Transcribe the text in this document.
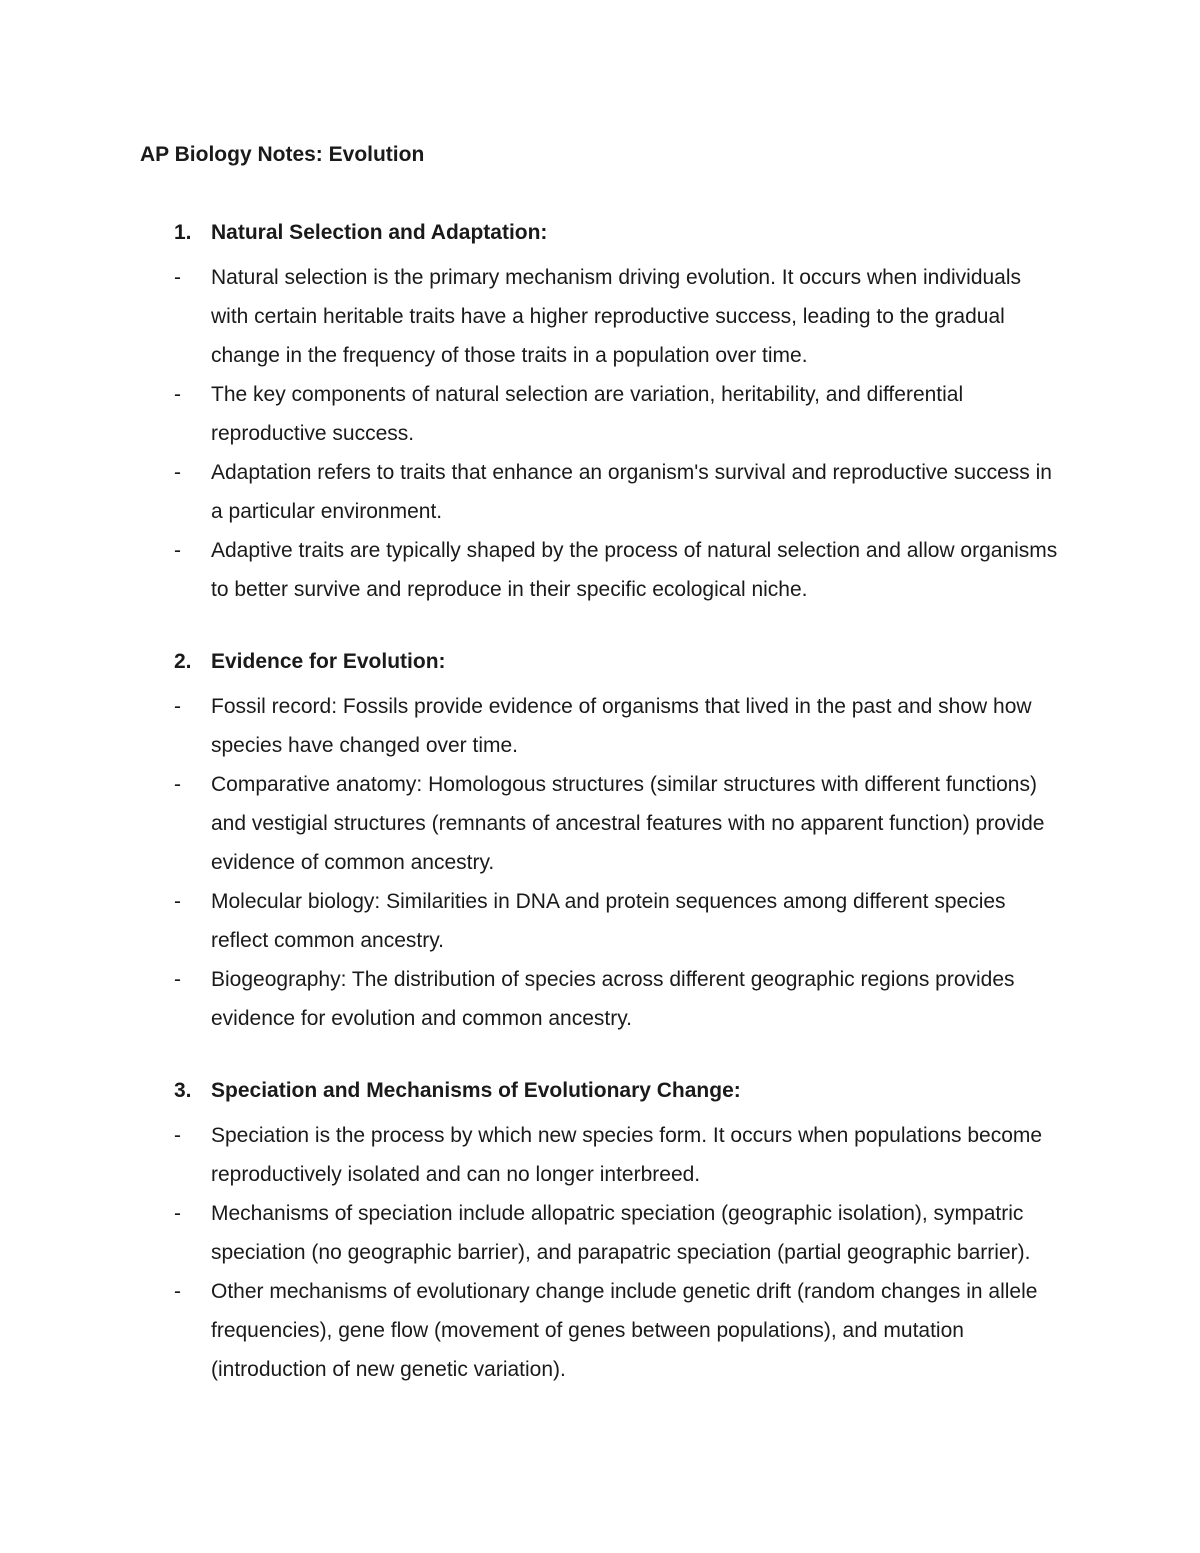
AP Biology Notes: Evolution
1. Natural Selection and Adaptation:
- Natural selection is the primary mechanism driving evolution. It occurs when individuals with certain heritable traits have a higher reproductive success, leading to the gradual change in the frequency of those traits in a population over time.
- The key components of natural selection are variation, heritability, and differential reproductive success.
- Adaptation refers to traits that enhance an organism's survival and reproductive success in a particular environment.
- Adaptive traits are typically shaped by the process of natural selection and allow organisms to better survive and reproduce in their specific ecological niche.
2. Evidence for Evolution:
- Fossil record: Fossils provide evidence of organisms that lived in the past and show how species have changed over time.
- Comparative anatomy: Homologous structures (similar structures with different functions) and vestigial structures (remnants of ancestral features with no apparent function) provide evidence of common ancestry.
- Molecular biology: Similarities in DNA and protein sequences among different species reflect common ancestry.
- Biogeography: The distribution of species across different geographic regions provides evidence for evolution and common ancestry.
3. Speciation and Mechanisms of Evolutionary Change:
- Speciation is the process by which new species form. It occurs when populations become reproductively isolated and can no longer interbreed.
- Mechanisms of speciation include allopatric speciation (geographic isolation), sympatric speciation (no geographic barrier), and parapatric speciation (partial geographic barrier).
- Other mechanisms of evolutionary change include genetic drift (random changes in allele frequencies), gene flow (movement of genes between populations), and mutation (introduction of new genetic variation).
